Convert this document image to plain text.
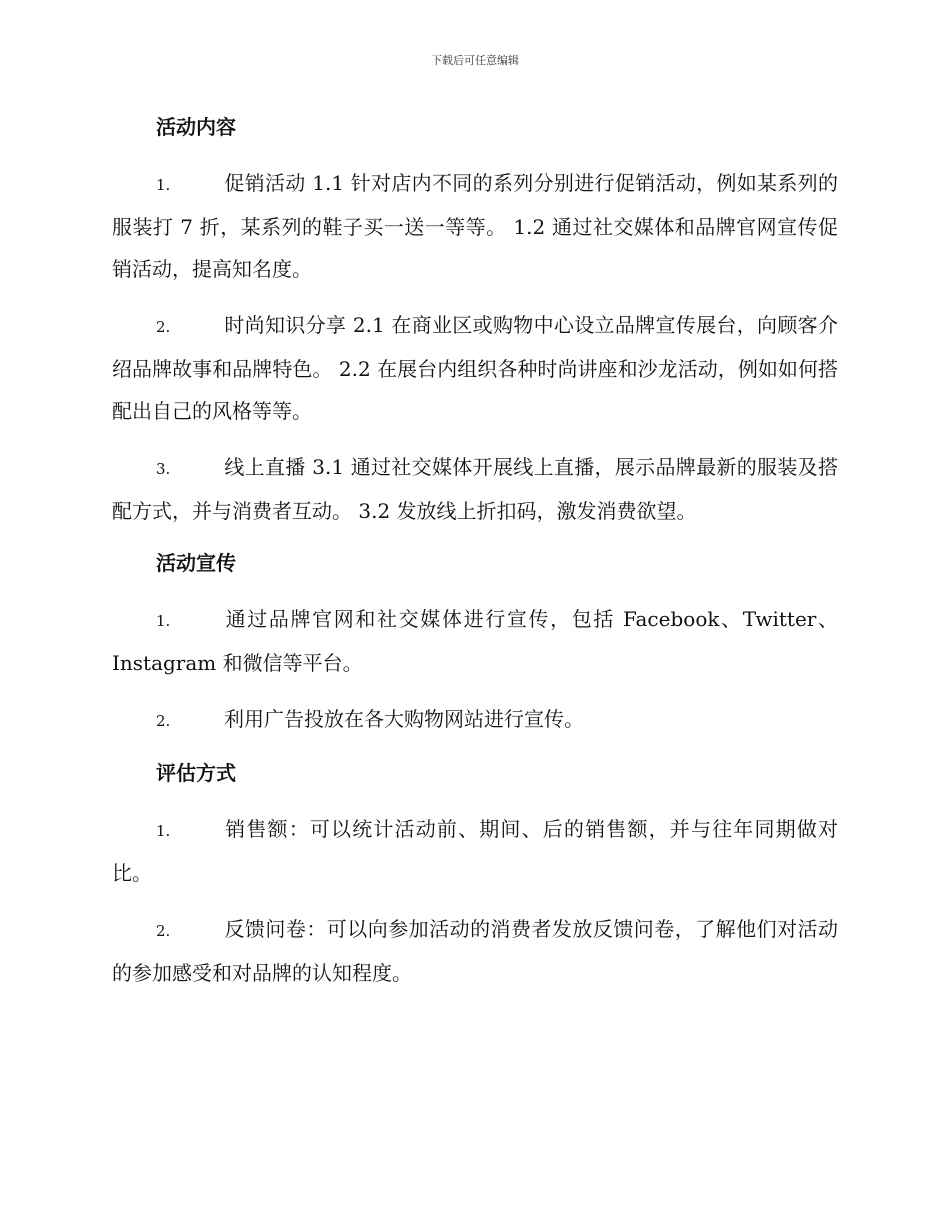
下载后可任意编辑
活动内容

1.	促销活动 1.1 针对店内不同的系列分别进行促销活动，例如某系列的服装打 7 折，某系列的鞋子买一送一等等。 1.2 通过社交媒体和品牌官网宣传促销活动，提高知名度。

2.	时尚知识分享 2.1 在商业区或购物中心设立品牌宣传展台，向顾客介绍品牌故事和品牌特色。 2.2 在展台内组织各种时尚讲座和沙龙活动，例如如何搭配出自己的风格等等。

3.	线上直播 3.1 通过社交媒体开展线上直播，展示品牌最新的服装及搭配方式，并与消费者互动。 3.2 发放线上折扣码，激发消费欲望。

活动宣传

1.	通过品牌官网和社交媒体进行宣传，包括 Facebook、Twitter、Instagram 和微信等平台。

2.	利用广告投放在各大购物网站进行宣传。

评估方式

1.	销售额：可以统计活动前、期间、后的销售额，并与往年同期做对比。

2.	反馈问卷：可以向参加活动的消费者发放反馈问卷，了解他们对活动的参加感受和对品牌的认知程度。
